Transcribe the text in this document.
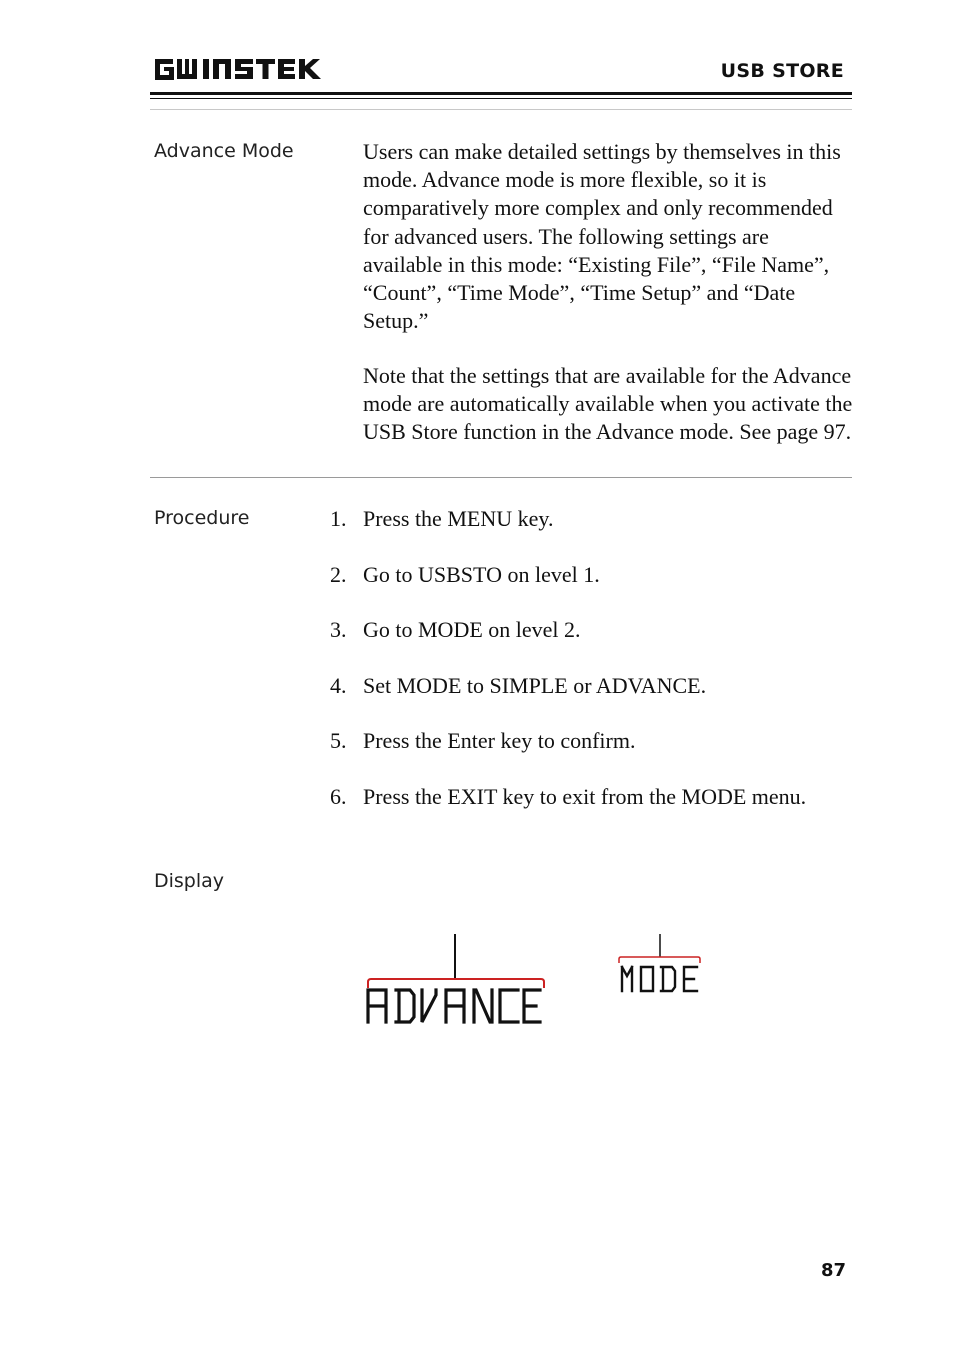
USB STORE
Advance Mode	Users can make detailed settings by themselves in this mode. Advance mode is more flexible, so it is comparatively more complex and only recommended for advanced users. The following settings are available in this mode: “Existing File”, “File Name”, “Count”, “Time Mode”, “Time Setup” and “Date Setup.”

Note that the settings that are available for the Advance mode are automatically available when you activate the USB Store function in the Advance mode. See page 97.

Procedure	1. Press the MENU key.
2. Go to USBSTO on level 1.
3. Go to MODE on level 2.
4. Set MODE to SIMPLE or ADVANCE.
5. Press the Enter key to confirm.
6. Press the EXIT key to exit from the MODE menu.
Display
87
